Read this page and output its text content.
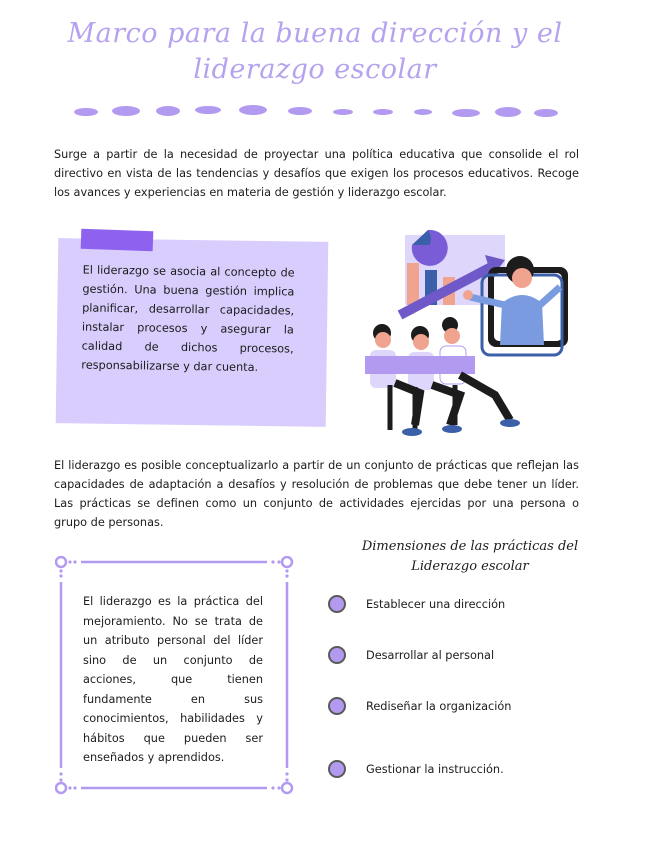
Marco para la buena dirección y el
liderazgo escolar

Surge a partir de la necesidad de proyectar una política educativa que consolide el rol directivo en vista de las tendencias y desafíos que exigen los procesos educativos. Recoge los avances y experiencias en materia de gestión y liderazgo escolar.

El liderazgo se asocia al concepto de gestión. Una buena gestión implica planificar, desarrollar capacidades, instalar procesos y asegurar la calidad de dichos procesos, responsabilizarse y dar cuenta.

El liderazgo es posible conceptualizarlo a partir de un conjunto de prácticas que reflejan las capacidades de adaptación a desafíos y resolución de problemas que debe tener un líder. Las prácticas se definen como un conjunto de actividades ejercidas por una persona o grupo de personas.

El liderazgo es la práctica del mejoramiento. No se trata de un atributo personal del líder sino de un conjunto de acciones, que tienen fundamente en sus conocimientos, habilidades y hábitos que pueden ser enseñados y aprendidos.

Dimensiones de las prácticas del
Liderazgo escolar
Establecer una dirección
Desarrollar al personal
Rediseñar la organización
Gestionar la instrucción.
